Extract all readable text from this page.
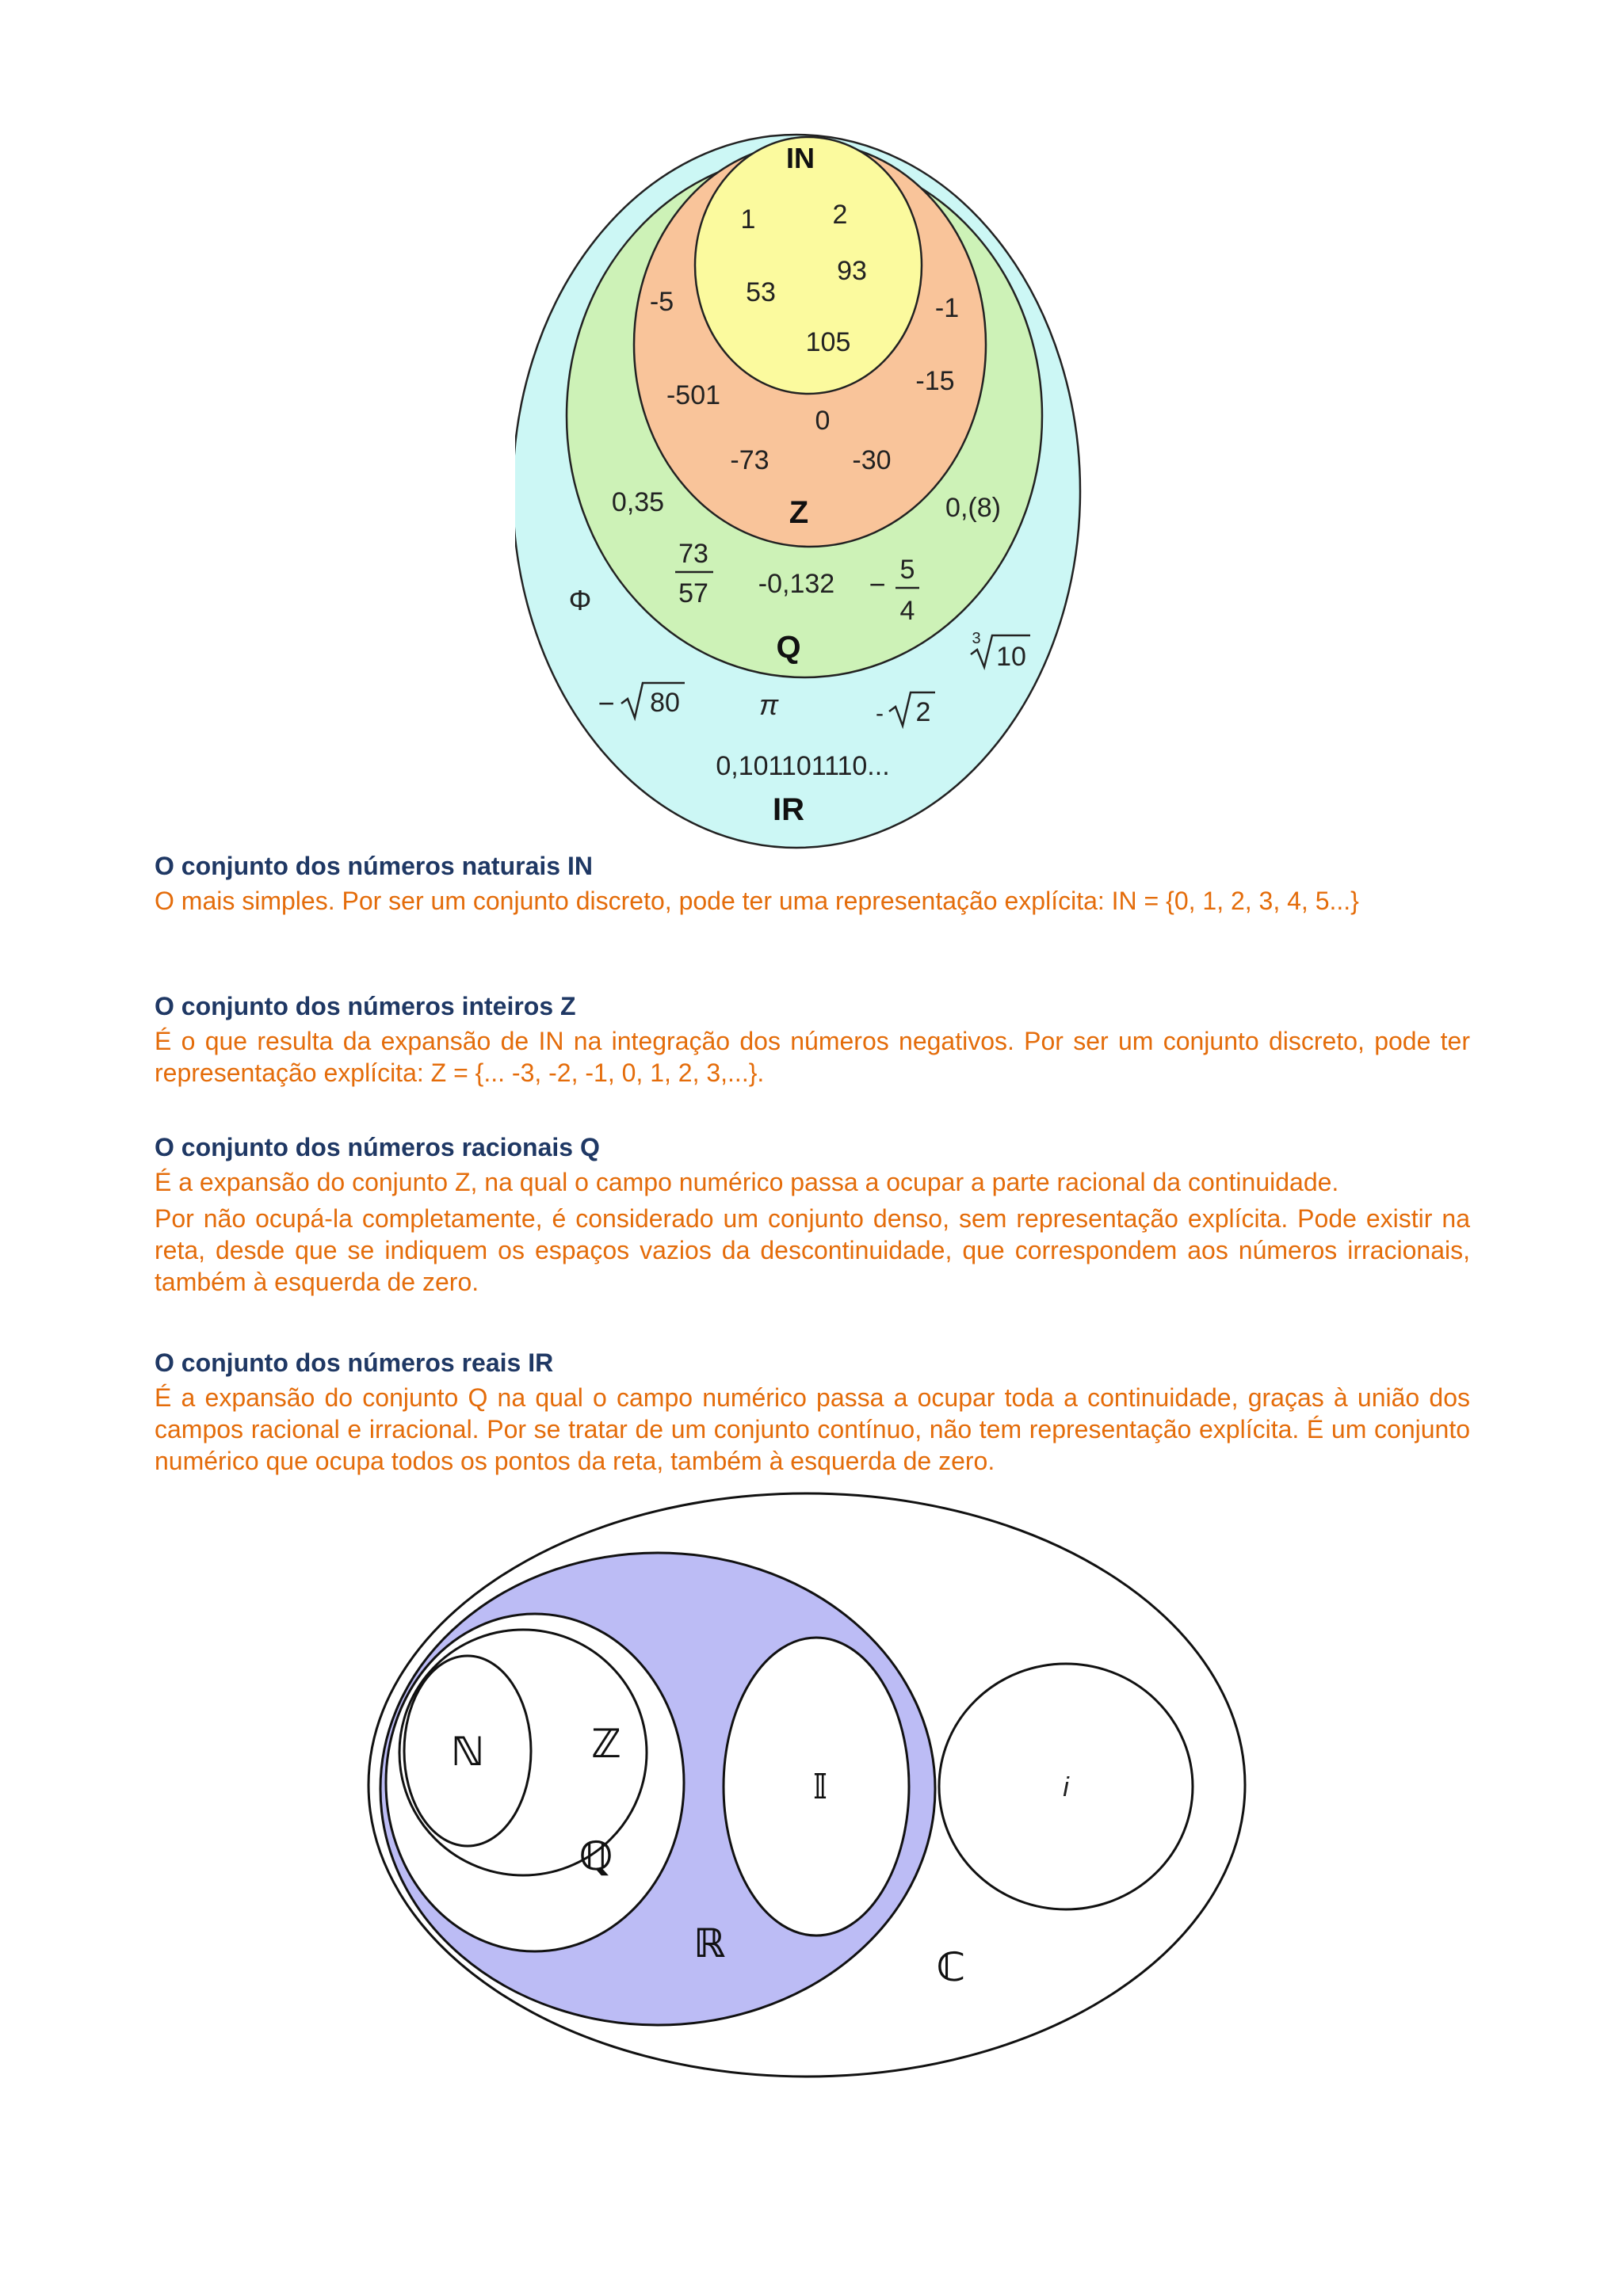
IN
1	2
93
53
105
-5	-1
-501	-15
0
-73	-30
Z
0,35	0,(8)
73
57 -0,132 − 5
4
Q
Φ
3
10
− 80	π	- 2
0,101101110...
IR
O conjunto dos números naturais IN

O mais simples. Por ser um conjunto discreto, pode ter uma representação explícita: IN = {0, 1, 2, 3, 4, 5...}

O conjunto dos números inteiros Z

É o que resulta da expansão de IN na integração dos números negativos. Por ser um conjunto discreto, pode ter representação explícita: Z = {... -3, -2, -1, 0, 1, 2, 3,...}.

O conjunto dos números racionais Q

É a expansão do conjunto Z, na qual o campo numérico passa a ocupar a parte racional da continuidade.

Por não ocupá-la completamente, é considerado um conjunto denso, sem representação explícita. Pode existir na reta, desde que se indiquem os espaços vazios da descontinuidade, que correspondem aos números irracionais, também à esquerda de zero.

O conjunto dos números reais IR

É a expansão do conjunto Q na qual o campo numérico passa a ocupar toda a continuidade, graças à união dos campos racional e irracional. Por se tratar de um conjunto contínuo, não tem representação explícita. É um conjunto numérico que ocupa todos os pontos da reta, também à esquerda de zero.

ℕ	ℤ
ℚ
𝕀
ℝ
ℂ
i
